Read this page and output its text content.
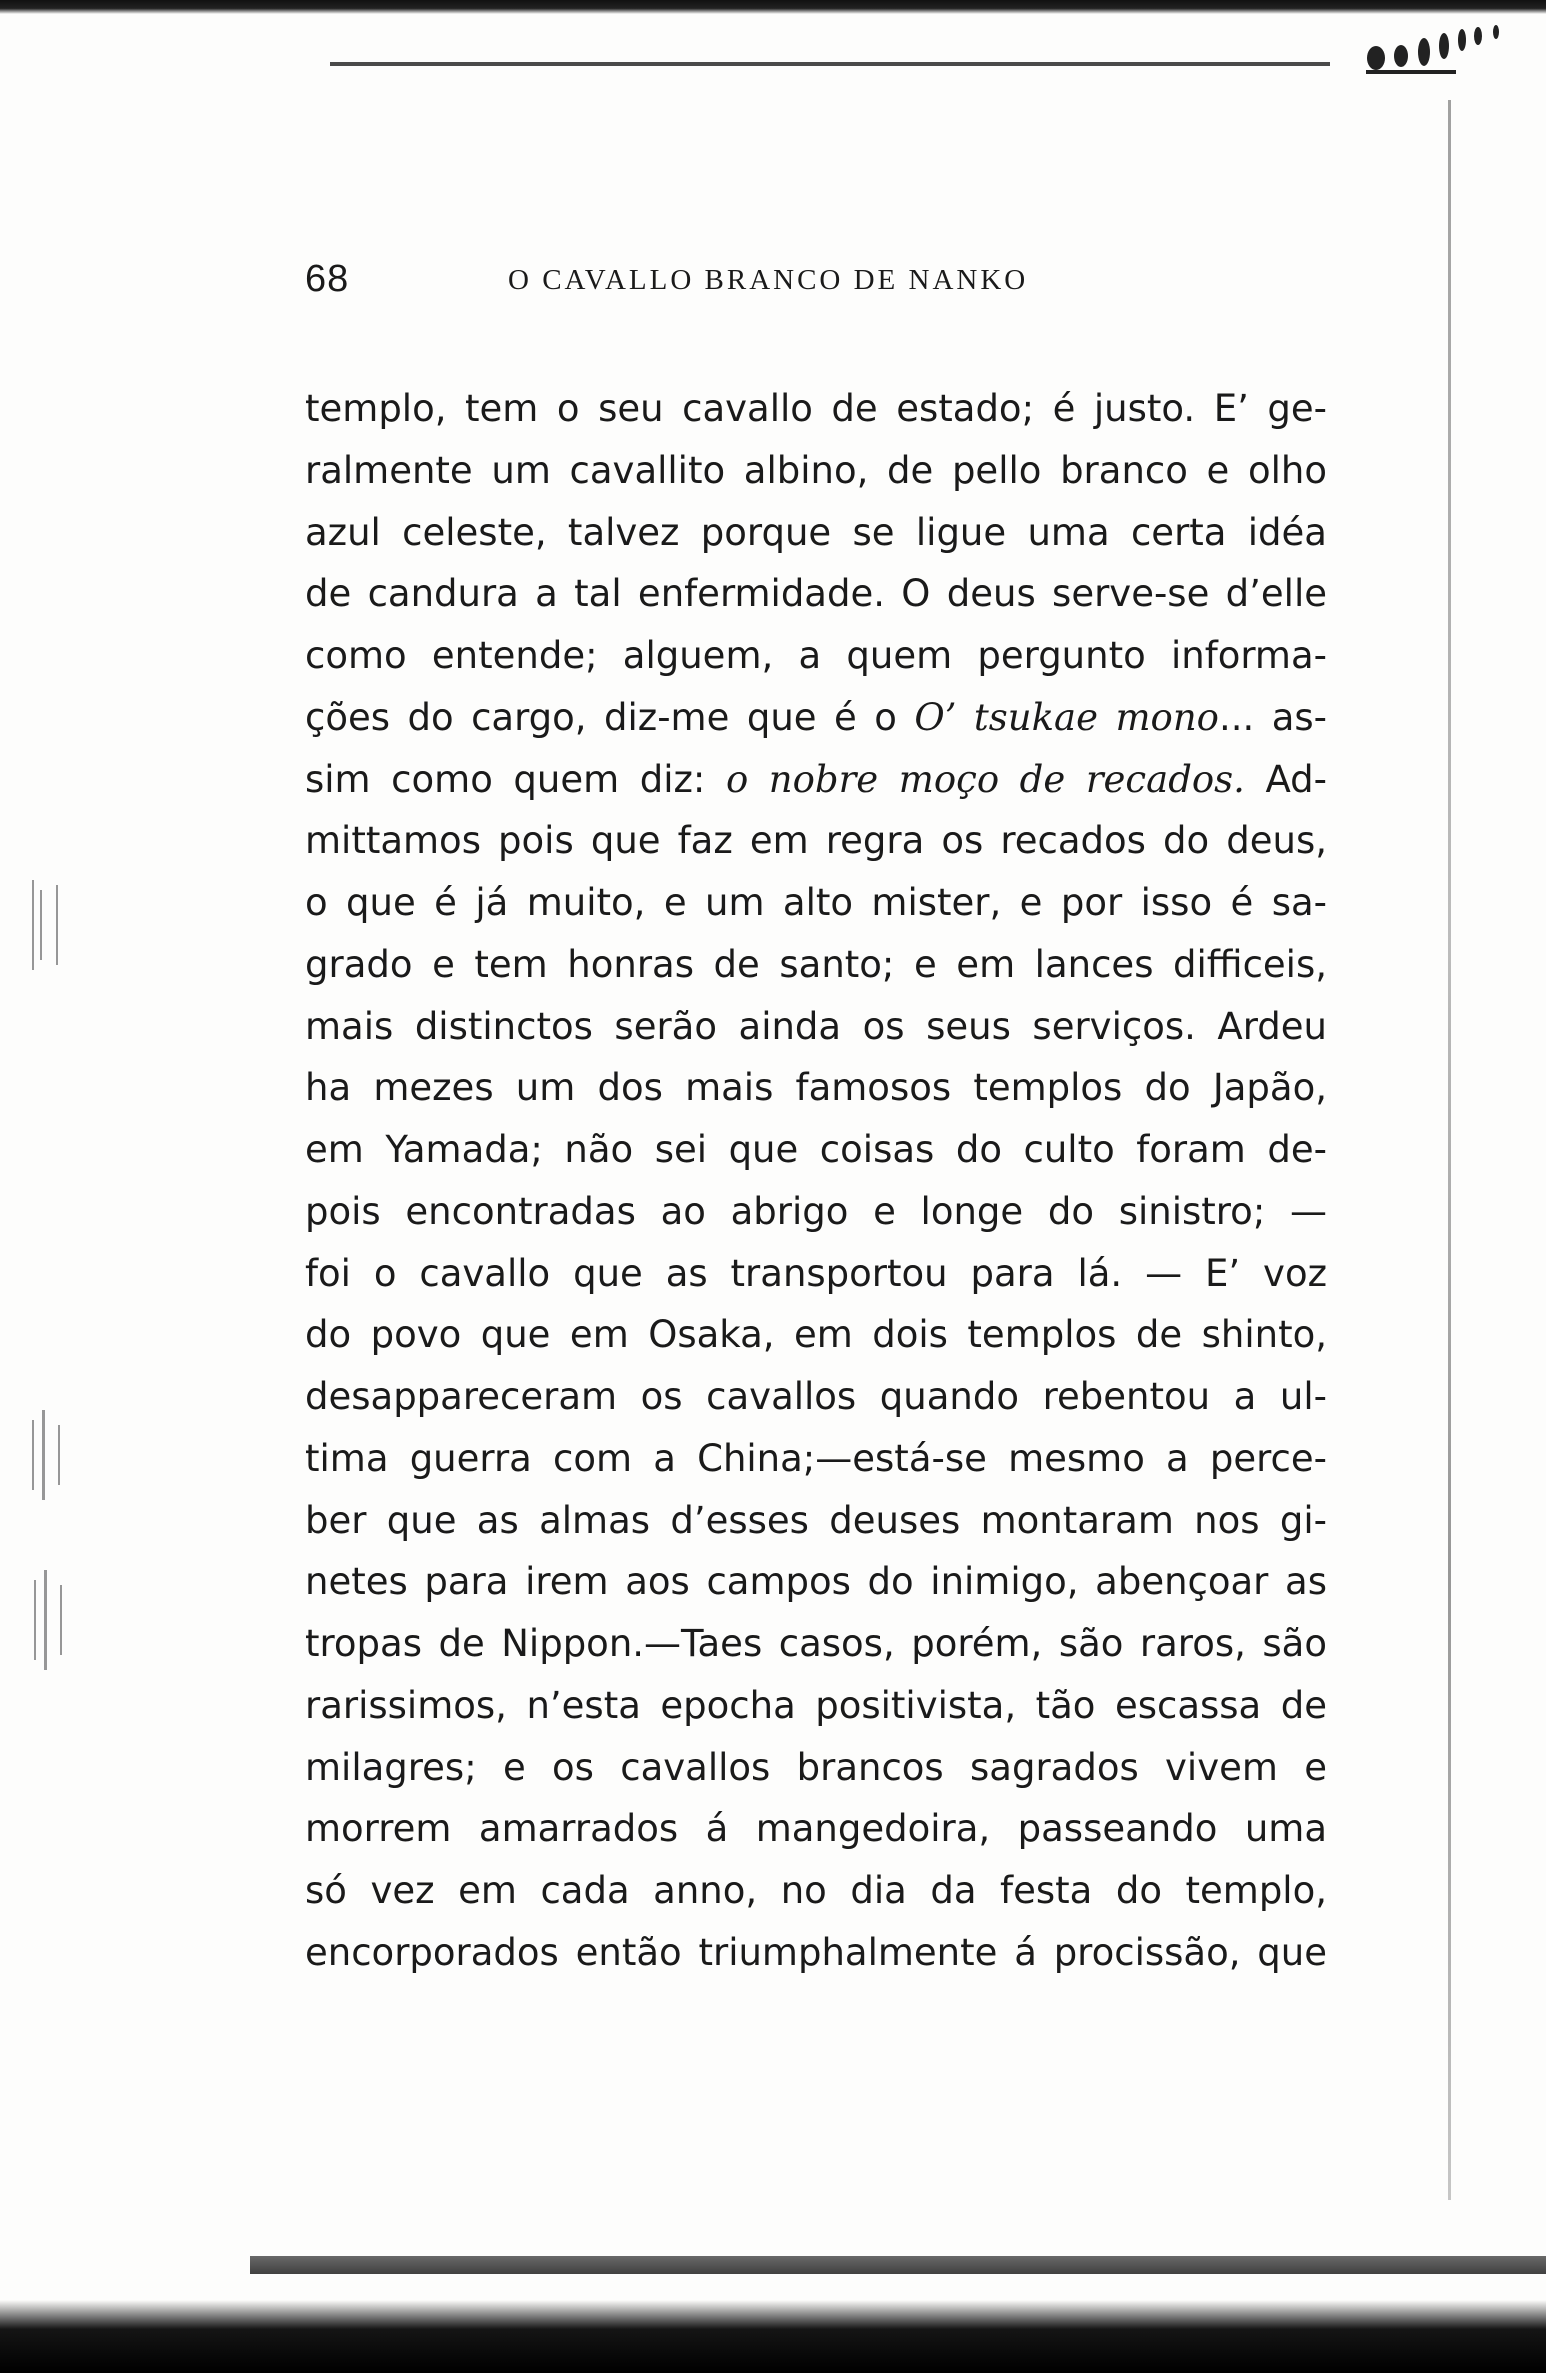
68	O CAVALLO BRANCO DE NANKO
templo, tem o seu cavallo de estado; é justo. E’ ge-
ralmente um cavallito albino, de pello branco e olho
azul celeste, talvez porque se ligue uma certa idéa
de candura a tal enfermidade. O deus serve-se d’elle
como entende; alguem, a quem pergunto informa-
ções do cargo, diz-me que é o O’ tsukae mono... as-
sim como quem diz: o nobre moço de recados. Ad-
mittamos pois que faz em regra os recados do deus,
o que é já muito, e um alto mister, e por isso é sa-
grado e tem honras de santo; e em lances difficeis,
mais distinctos serão ainda os seus serviços. Ardeu
ha mezes um dos mais famosos templos do Japão,
em Yamada; não sei que coisas do culto foram de-
pois encontradas ao abrigo e longe do sinistro; —
foi o cavallo que as transportou para lá. — E’ voz
do povo que em Osaka, em dois templos de shinto,
desappareceram os cavallos quando rebentou a ul-
tima guerra com a China;—está-se mesmo a perce-
ber que as almas d’esses deuses montaram nos gi-
netes para irem aos campos do inimigo, abençoar as
tropas de Nippon.—Taes casos, porém, são raros, são
rarissimos, n’esta epocha positivista, tão escassa de
milagres; e os cavallos brancos sagrados vivem e
morrem amarrados á mangedoira, passeando uma
só vez em cada anno, no dia da festa do templo,
encorporados então triumphalmente á procissão, que
